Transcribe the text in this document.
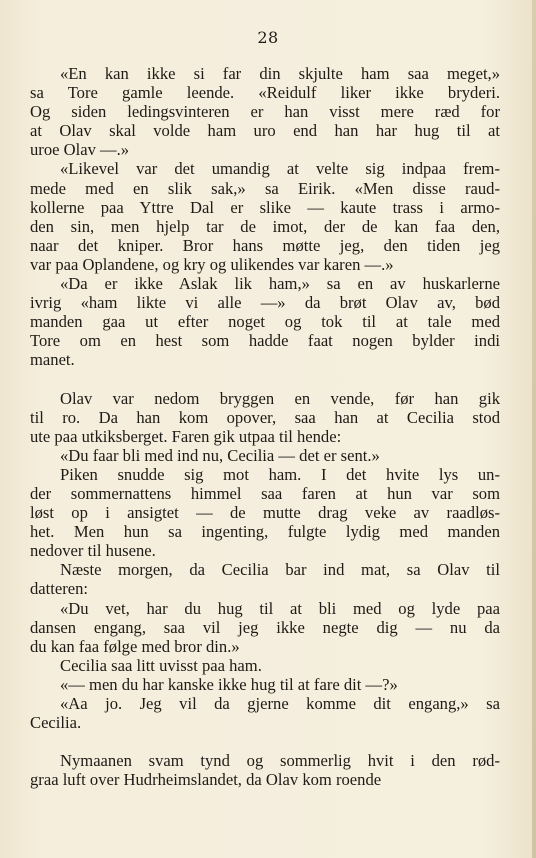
28
«En kan ikke si far din skjulte ham saa meget,»
sa Tore gamle leende. «Reidulf liker ikke bryderi.
Og siden ledingsvinteren er han visst mere ræd for
at Olav skal volde ham uro end han har hug til at
uroe Olav —.»
«Likevel var det umandig at velte sig indpaa frem-
mede med en slik sak,» sa Eirik. «Men disse raud-
kollerne paa Yttre Dal er slike — kaute trass i armo-
den sin, men hjelp tar de imot, der de kan faa den,
naar det kniper. Bror hans møtte jeg, den tiden jeg
var paa Oplandene, og kry og ulikendes var karen —.»
«Da er ikke Aslak lik ham,» sa en av huskarlerne
ivrig «ham likte vi alle —» da brøt Olav av, bød
manden gaa ut efter noget og tok til at tale med
Tore om en hest som hadde faat nogen bylder indi
manet.
Olav var nedom bryggen en vende, før han gik
til ro. Da han kom opover, saa han at Cecilia stod
ute paa utkiksberget. Faren gik utpaa til hende:
«Du faar bli med ind nu, Cecilia — det er sent.»
Piken snudde sig mot ham. I det hvite lys un-
der sommernattens himmel saa faren at hun var som
løst op i ansigtet — de mutte drag veke av raadløs-
het. Men hun sa ingenting, fulgte lydig med manden
nedover til husene.
Næste morgen, da Cecilia bar ind mat, sa Olav til
datteren:
«Du vet, har du hug til at bli med og lyde paa
dansen engang, saa vil jeg ikke negte dig — nu da
du kan faa følge med bror din.»
Cecilia saa litt uvisst paa ham.
«— men du har kanske ikke hug til at fare dit —?»
«Aa jo. Jeg vil da gjerne komme dit engang,» sa
Cecilia.
Nymaanen svam tynd og sommerlig hvit i den rød-
graa luft over Hudrheimslandet, da Olav kom roende
